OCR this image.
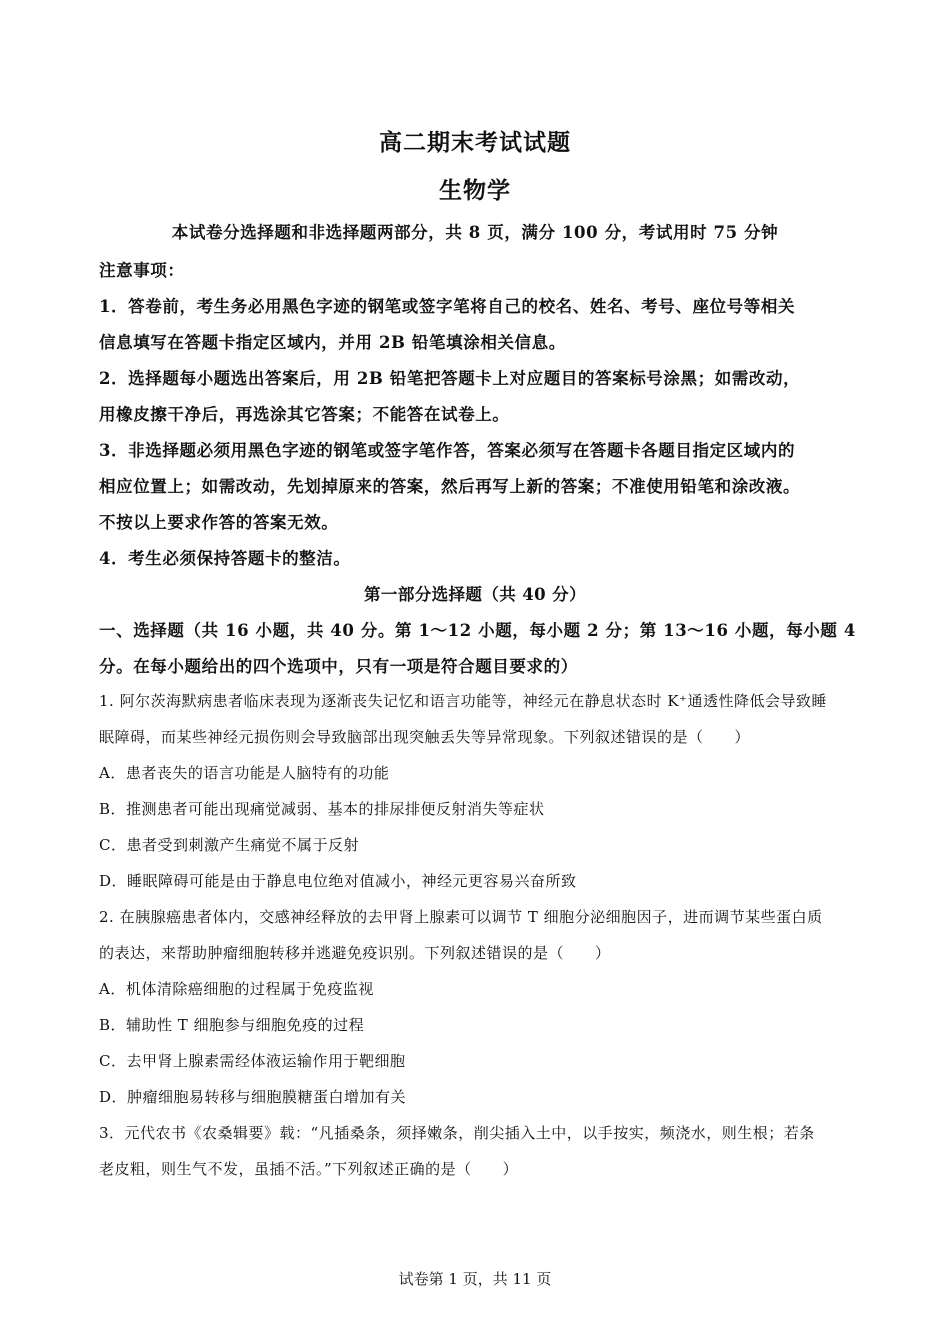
高二期末考试试题
生物学
本试卷分选择题和非选择题两部分，共 8 页，满分 100 分，考试用时 75 分钟
注意事项：
1．答卷前，考生务必用黑色字迹的钢笔或签字笔将自己的校名、姓名、考号、座位号等相关
信息填写在答题卡指定区域内，并用 2B 铅笔填涂相关信息。
2．选择题每小题选出答案后，用 2B 铅笔把答题卡上对应题目的答案标号涂黑；如需改动，
用橡皮擦干净后，再选涂其它答案；不能答在试卷上。
3．非选择题必须用黑色字迹的钢笔或签字笔作答，答案必须写在答题卡各题目指定区域内的
相应位置上；如需改动，先划掉原来的答案，然后再写上新的答案；不准使用铅笔和涂改液。
不按以上要求作答的答案无效。
4．考生必须保持答题卡的整洁。
第一部分选择题（共 40 分）
一、选择题（共 16 小题，共 40 分。第 1～12 小题，每小题 2 分；第 13～16 小题，每小题 4
分。在每小题给出的四个选项中，只有一项是符合题目要求的）
1. 阿尔茨海默病患者临床表现为逐渐丧失记忆和语言功能等，神经元在静息状态时 K⁺通透性降低会导致睡
眠障碍，而某些神经元损伤则会导致脑部出现突触丢失等异常现象。下列叙述错误的是（　　）
A．患者丧失的语言功能是人脑特有的功能
B．推测患者可能出现痛觉减弱、基本的排尿排便反射消失等症状
C．患者受到刺激产生痛觉不属于反射
D．睡眠障碍可能是由于静息电位绝对值减小，神经元更容易兴奋所致
2. 在胰腺癌患者体内，交感神经释放的去甲肾上腺素可以调节 T 细胞分泌细胞因子，进而调节某些蛋白质
的表达，来帮助肿瘤细胞转移并逃避免疫识别。下列叙述错误的是（　　）
A．机体清除癌细胞的过程属于免疫监视
B．辅助性 T 细胞参与细胞免疫的过程
C．去甲肾上腺素需经体液运输作用于靶细胞
D．肿瘤细胞易转移与细胞膜糖蛋白增加有关
3．元代农书《农桑辑要》载：“凡插桑条，须择嫩条，削尖插入土中，以手按实，频浇水，则生根；若条
老皮粗，则生气不发，虽插不活。”下列叙述正确的是（　　）
试卷第 1 页，共 11 页
